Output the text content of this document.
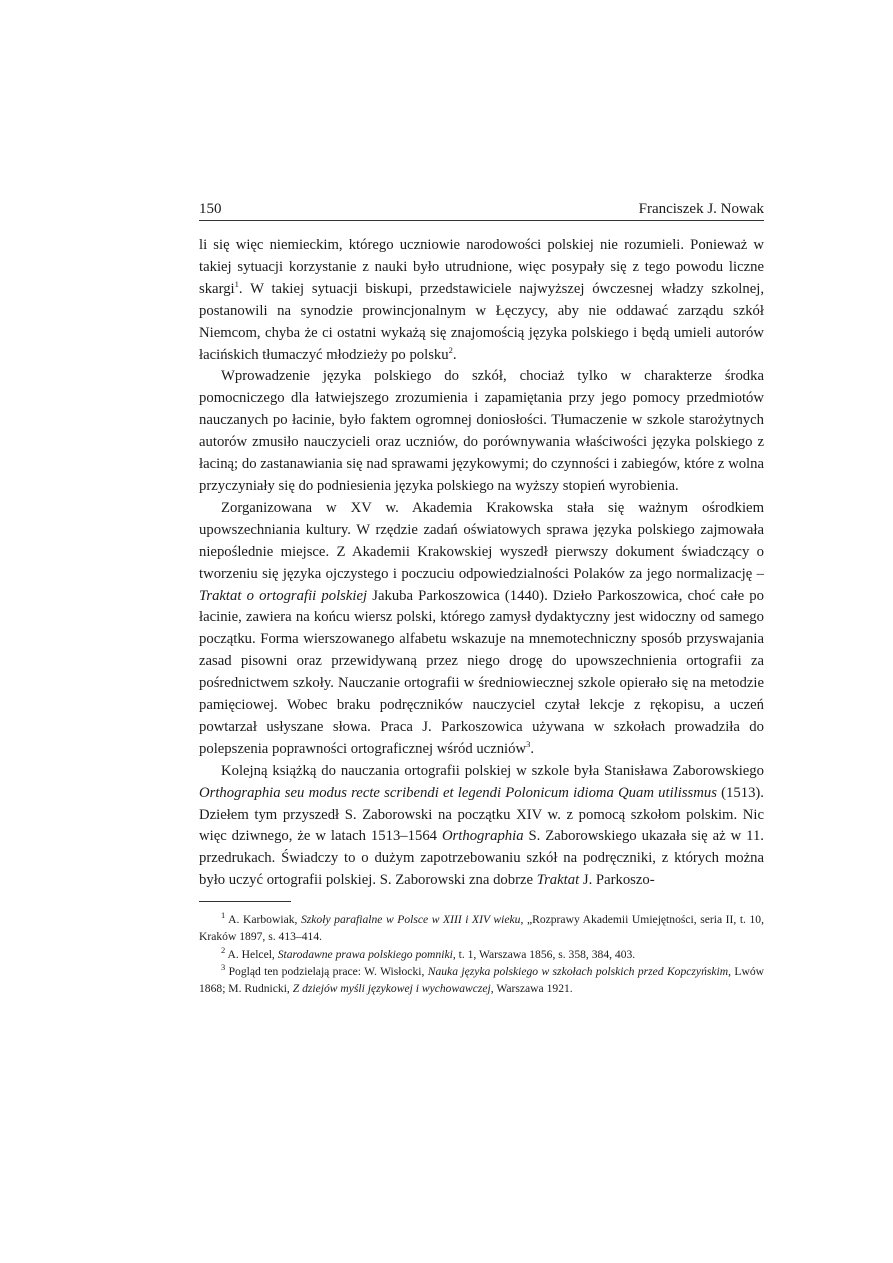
150	Franciszek J. Nowak

li się więc niemieckim, którego uczniowie narodowości polskiej nie rozumieli. Ponieważ w takiej sytuacji korzystanie z nauki było utrudnione, więc posypały się z tego powodu liczne skargi$^1$. W takiej sytuacji biskupi, przedstawiciele najwyższej ówczesnej władzy szkolnej, postanowili na synodzie prowincjonalnym w Łęczycy, aby nie oddawać zarządu szkół Niemcom, chyba że ci ostatni wykażą się znajomością języka polskiego i będą umieli autorów łacińskich tłumaczyć młodzieży po polsku$^2$.

Wprowadzenie języka polskiego do szkół, chociaż tylko w charakterze środka pomocniczego dla łatwiejszego zrozumienia i zapamiętania przy jego pomocy przedmiotów nauczanych po łacinie, było faktem ogromnej doniosłości. Tłumaczenie w szkole starożytnych autorów zmusiło nauczycieli oraz uczniów, do porównywania właściwości języka polskiego z łaciną; do zastanawiania się nad sprawami językowymi; do czynności i zabiegów, które z wolna przyczyniały się do podniesienia języka polskiego na wyższy stopień wyrobienia.

Zorganizowana w XV w. Akademia Krakowska stała się ważnym ośrodkiem upowszechniania kultury. W rzędzie zadań oświatowych sprawa języka polskiego zajmowała niepoślednie miejsce. Z Akademii Krakowskiej wyszedł pierwszy dokument świadczący o tworzeniu się języka ojczystego i poczuciu odpowiedzialności Polaków za jego normalizację – Traktat o ortografii polskiej Jakuba Parkoszowica (1440). Dzieło Parkoszowica, choć całe po łacinie, zawiera na końcu wiersz polski, którego zamysł dydaktyczny jest widoczny od samego początku. Forma wierszowanego alfabetu wskazuje na mnemotechniczny sposób przyswajania zasad pisowni oraz przewidywaną przez niego drogę do upowszechnienia ortografii za pośrednictwem szkoły. Nauczanie ortografii w średniowiecznej szkole opierało się na metodzie pamięciowej. Wobec braku podręczników nauczyciel czytał lekcje z rękopisu, a uczeń powtarzał usłyszane słowa. Praca J. Parkoszowica używana w szkołach prowadziła do polepszenia poprawności ortograficznej wśród uczniów$^3$.

Kolejną książką do nauczania ortografii polskiej w szkole była Stanisława Zaborowskiego Orthographia seu modus recte scribendi et legendi Polonicum idioma Quam utilissmus (1513). Dziełem tym przyszedł S. Zaborowski na początku XIV w. z pomocą szkołom polskim. Nic więc dziwnego, że w latach 1513–1564 Orthographia S. Zaborowskiego ukazała się aż w 11. przedrukach. Świadczy to o dużym zapotrzebowaniu szkół na podręczniki, z których można było uczyć ortografii polskiej. S. Zaborowski zna dobrze Traktat J. Parkoszo-

$^1$ A. Karbowiak, Szkoły parafialne w Polsce w XIII i XIV wieku, „Rozprawy Akademii Umiejętności, seria II, t. 10, Kraków 1897, s. 413–414.

$^2$ A. Helcel, Starodawne prawa polskiego pomniki, t. 1, Warszawa 1856, s. 358, 384, 403.

$^3$ Pogląd ten podzielają prace: W. Wisłocki, Nauka języka polskiego w szkołach polskich przed Kopczyńskim, Lwów 1868; M. Rudnicki, Z dziejów myśli językowej i wychowawczej, Warszawa 1921.
